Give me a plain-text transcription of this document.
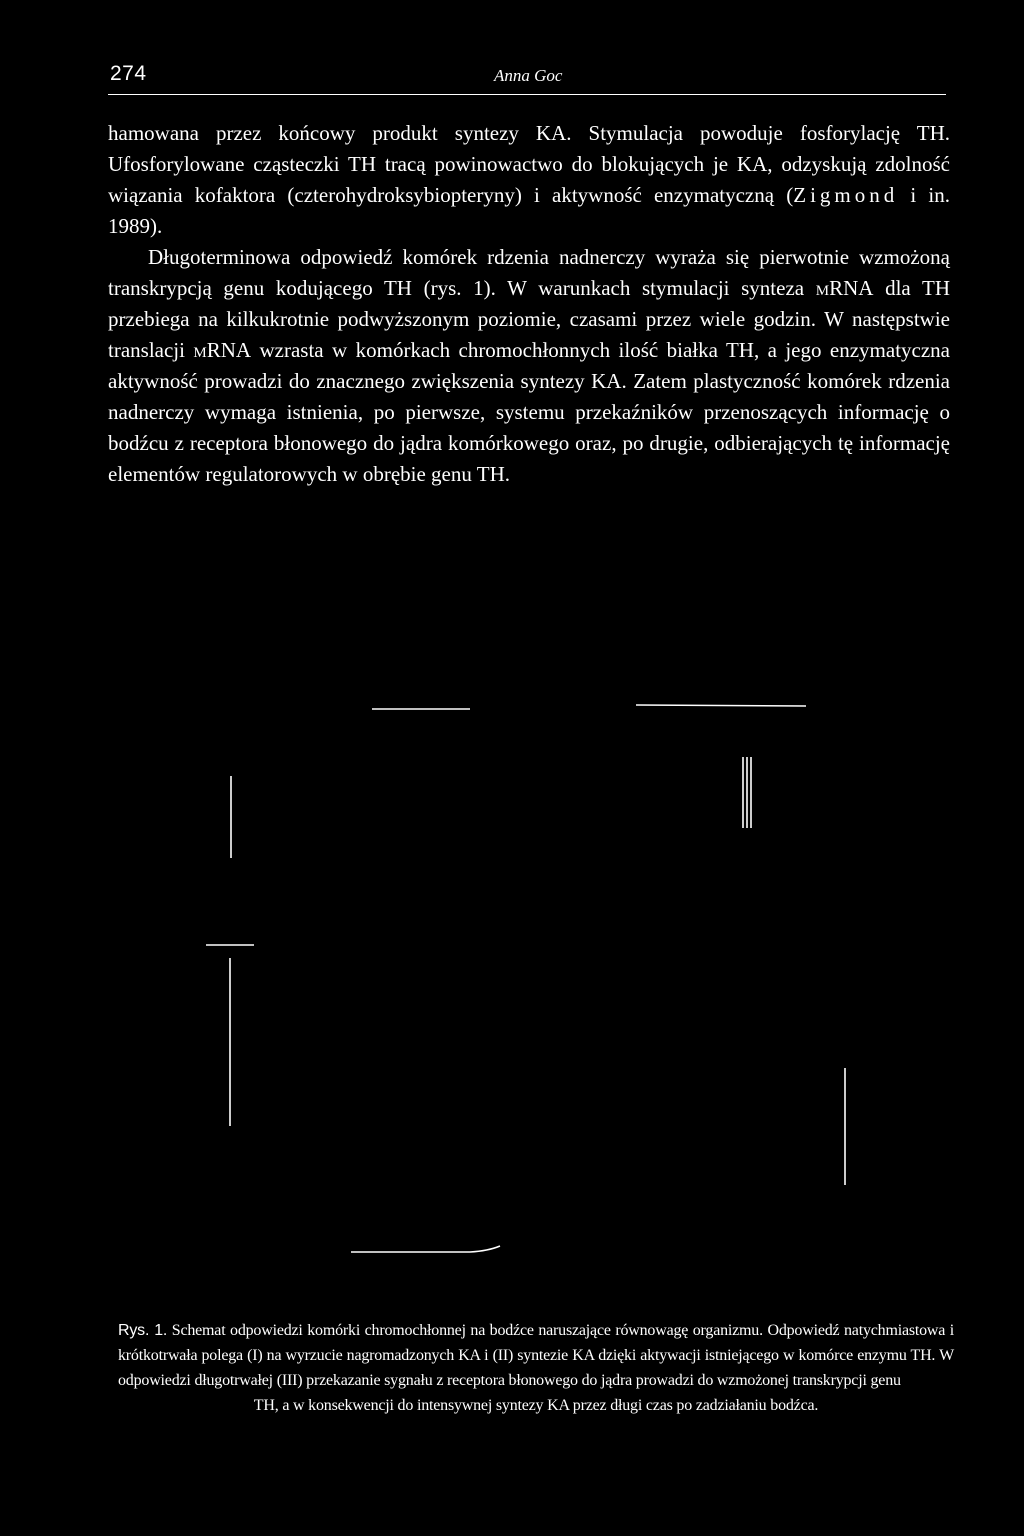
274	Anna Goc

hamowana przez końcowy produkt syntezy KA. Stymulacja powoduje fosforylację TH. Ufosforylowane cząsteczki TH tracą powinowactwo do blokujących je KA, odzyskują zdolność wiązania kofaktora (czterohydroksybiopteryny) i aktywność enzymatyczną (Zigmond i in. 1989).

Długoterminowa odpowiedź komórek rdzenia nadnerczy wyraża się pierwotnie wzmożoną transkrypcją genu kodującego TH (rys. 1). W warunkach stymulacji synteza mRNA dla TH przebiega na kilkukrotnie podwyższonym poziomie, czasami przez wiele godzin. W następstwie translacji mRNA wzrasta w komórkach chromochłonnych ilość białka TH, a jego enzymatyczna aktywność prowadzi do znacznego zwiększenia syntezy KA. Zatem plastyczność komórek rdzenia nadnerczy wymaga istnienia, po pierwsze, systemu przekaźników przenoszących informację o bodźcu z receptora błonowego do jądra komórkowego oraz, po drugie, odbierających tę informację elementów regulatorowych w obrębie genu TH.

Rys. 1. Schemat odpowiedzi komórki chromochłonnej na bodźce naruszające równowagę organizmu. Odpowiedź natychmiastowa i krótkotrwała polega (I) na wyrzucie nagromadzonych KA i (II) syntezie KA dzięki aktywacji istniejącego w komórce enzymu TH. W odpowiedzi długotrwałej (III) przekazanie sygnału z receptora błonowego do jądra prowadzi do wzmożonej transkrypcji genu

TH, a w konsekwencji do intensywnej syntezy KA przez długi czas po zadziałaniu bodźca.
